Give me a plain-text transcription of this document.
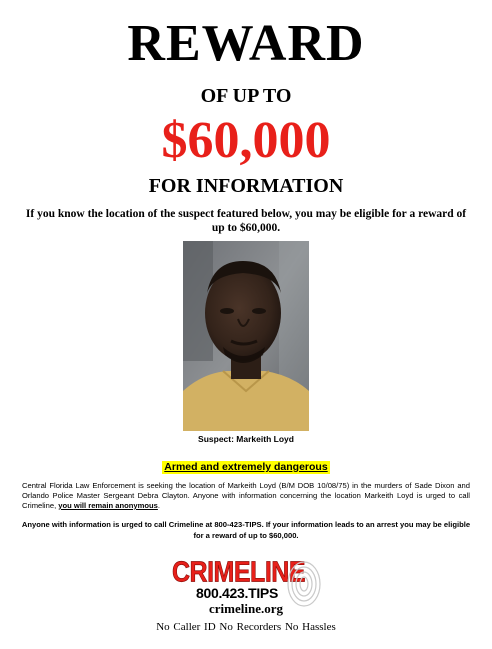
REWARD
OF UP TO
$60,000
FOR INFORMATION
If you know the location of the suspect featured below, you may be eligible for a reward of up to $60,000.
Suspect: Markeith Loyd
Armed and extremely dangerous
Central Florida Law Enforcement is seeking the location of Markeith Loyd (B/M DOB 10/08/75) in the murders of Sade Dixon and Orlando Police Master Sergeant Debra Clayton. Anyone with information concerning the location Markeith Loyd is urged to call Crimeline, you will remain anonymous.
Anyone with information is urged to call Crimeline at 800-423-TIPS. If your information leads to an arrest you may be eligible for a reward of up to $60,000.
CRIMELINE
800.423.TIPS
crimeline.org
No Caller ID No Recorders No Hassles
